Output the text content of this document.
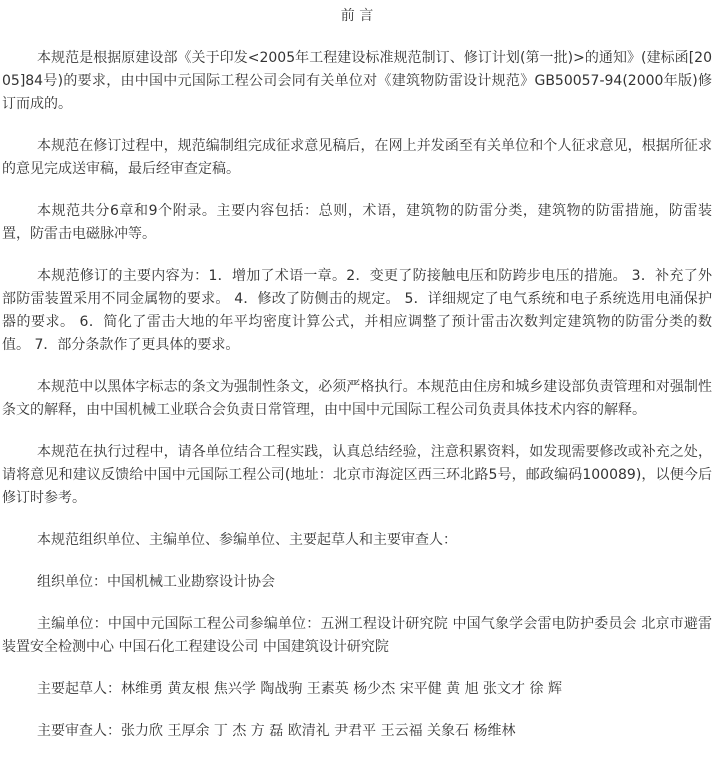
前 言

本规范是根据原建设部《关于印发<2005年工程建设标准规范制订、修订计划(第一批)>的通知》(建标函[2005]84号)的要求，由中国中元国际工程公司会同有关单位对《建筑物防雷设计规范》GB50057-94(2000年版)修订而成的。

本规范在修订过程中，规范编制组完成征求意见稿后，在网上并发函至有关单位和个人征求意见，根据所征求的意见完成送审稿，最后经审查定稿。

本规范共分6章和9个附录。主要内容包括：总则，术语，建筑物的防雷分类，建筑物的防雷措施，防雷装置，防雷击电磁脉冲等。

本规范修订的主要内容为：1．增加了术语一章。2．变更了防接触电压和防跨步电压的措施。 3．补充了外部防雷装置采用不同金属物的要求。 4．修改了防侧击的规定。 5．详细规定了电气系统和电子系统选用电涌保护器的要求。 6．简化了雷击大地的年平均密度计算公式，并相应调整了预计雷击次数判定建筑物的防雷分类的数值。 7．部分条款作了更具体的要求。

本规范中以黑体字标志的条文为强制性条文，必须严格执行。本规范由住房和城乡建设部负责管理和对强制性条文的解释，由中国机械工业联合会负责日常管理，由中国中元国际工程公司负责具体技术内容的解释。

本规范在执行过程中，请各单位结合工程实践，认真总结经验，注意积累资料，如发现需要修改或补充之处，请将意见和建议反馈给中国中元国际工程公司(地址：北京市海淀区西三环北路5号，邮政编码100089)，以便今后修订时参考。

本规范组织单位、主编单位、参编单位、主要起草人和主要审查人：

组织单位：中国机械工业勘察设计协会

主编单位：中国中元国际工程公司参编单位：五洲工程设计研究院 中国气象学会雷电防护委员会 北京市避雷装置安全检测中心 中国石化工程建设公司 中国建筑设计研究院

主要起草人：林维勇 黄友根 焦兴学 陶战驹 王素英 杨少杰 宋平健 黄 旭 张文才 徐 辉

主要审查人：张力欣 王厚余 丁 杰 方 磊 欧清礼 尹君平 王云福 关象石 杨维林
